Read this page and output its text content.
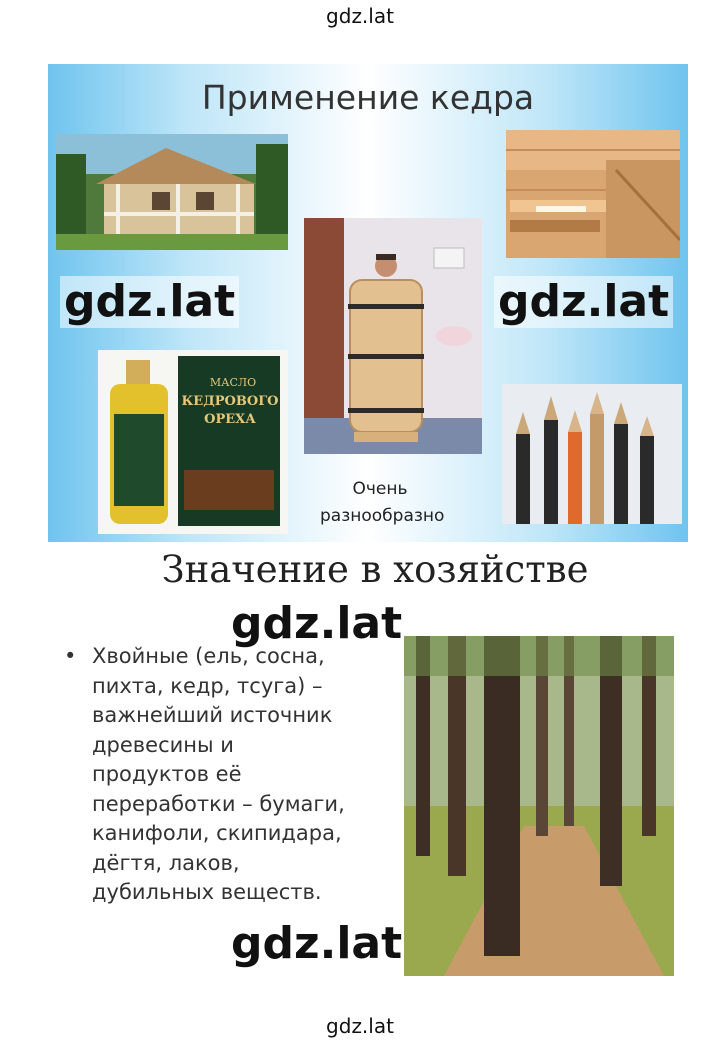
gdz.lat
Применение кедра
МАСЛО
КЕДРОВОГО
ОРЕХА
Очень разнообразно
gdz.lat	gdz.lat
gdz.lat
gdz.lat
Значение в хозяйстве
• Хвойные (ель, сосна,
пихта, кедр, тсуга) –
важнейший источник
древесины и
продуктов её
переработки – бумаги,
канифоли, скипидара,
дёгтя, лаков,
дубильных веществ.
gdz.lat
